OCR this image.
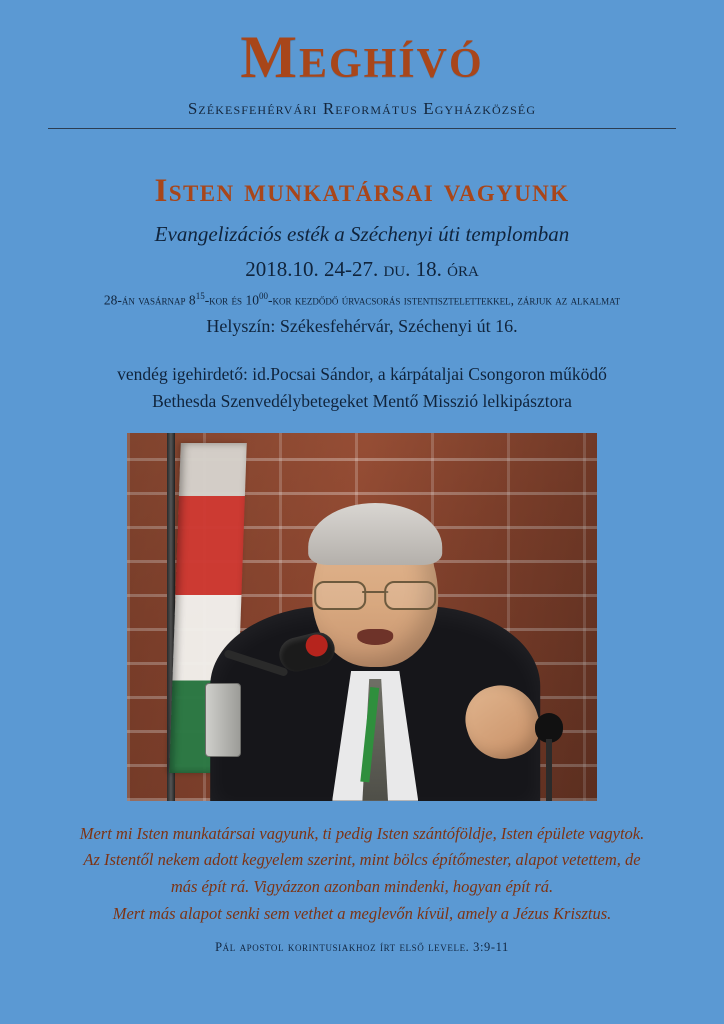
Meghívó
Székesfehérvári Református Egyházközség
Isten munkatársai vagyunk
Evangelizációs esték a Széchenyi úti templomban
2018.10. 24-27. du. 18. óra
28-án vasárnap $8^{15}$-kor és $10^{00}$-kor kezdődő úrvacsorás istentisztelettekkel, zárjuk az alkalmat
Helyszín: Székesfehérvár, Széchenyi út 16.
vendég igehirdető: id.Pocsai Sándor, a kárpátaljai Csongoron működő
Bethesda Szenvedélybetegeket Mentő Misszió lelkipásztora
Mert mi Isten munkatársai vagyunk, ti pedig Isten szántóföldje, Isten épülete vagytok.
Az Istentől nekem adott kegyelem szerint, mint bölcs építőmester, alapot vetettem, de
más épít rá. Vigyázzon azonban mindenki, hogyan épít rá.
Mert más alapot senki sem vethet a meglevőn kívül, amely a Jézus Krisztus.
Pál apostol korintusiakhoz írt első levele. 3:9-11
